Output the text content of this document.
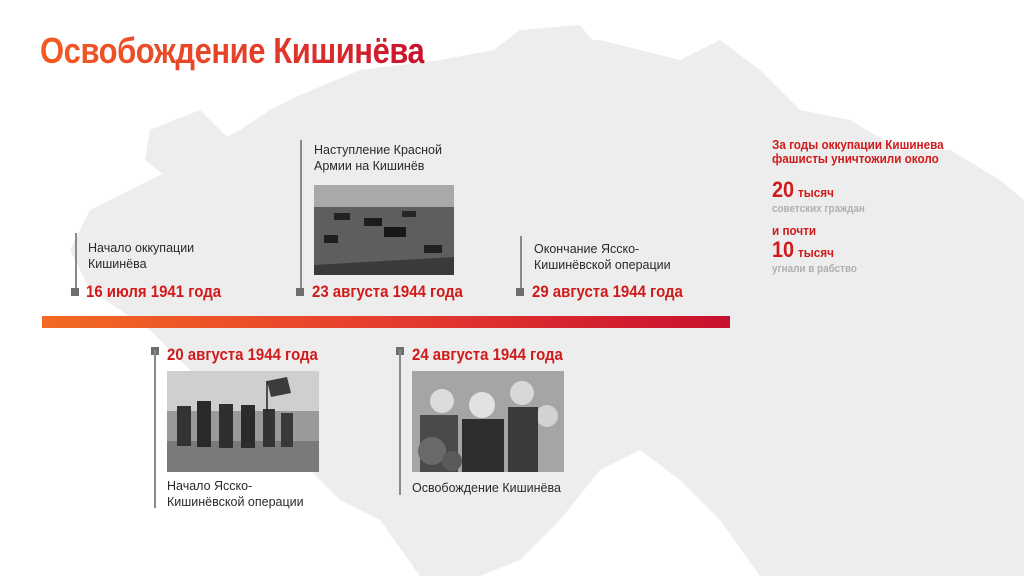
Освобождение Кишинёва
Начало оккупации Кишинёва
16 июля 1941 года
Наступление Красной Армии на Кишинёв
23 августа 1944 года
Окончание Ясско-Кишинёвской операции
29 августа 1944 года
20 августа 1944 года
Начало Ясско-Кишинёвской операции
24 августа 1944 года
Освобождение Кишинёва
За годы оккупации Кишинева фашисты уничтожили около
20 тысяч
советских граждан
и почти
10 тысяч
угнали в рабство
